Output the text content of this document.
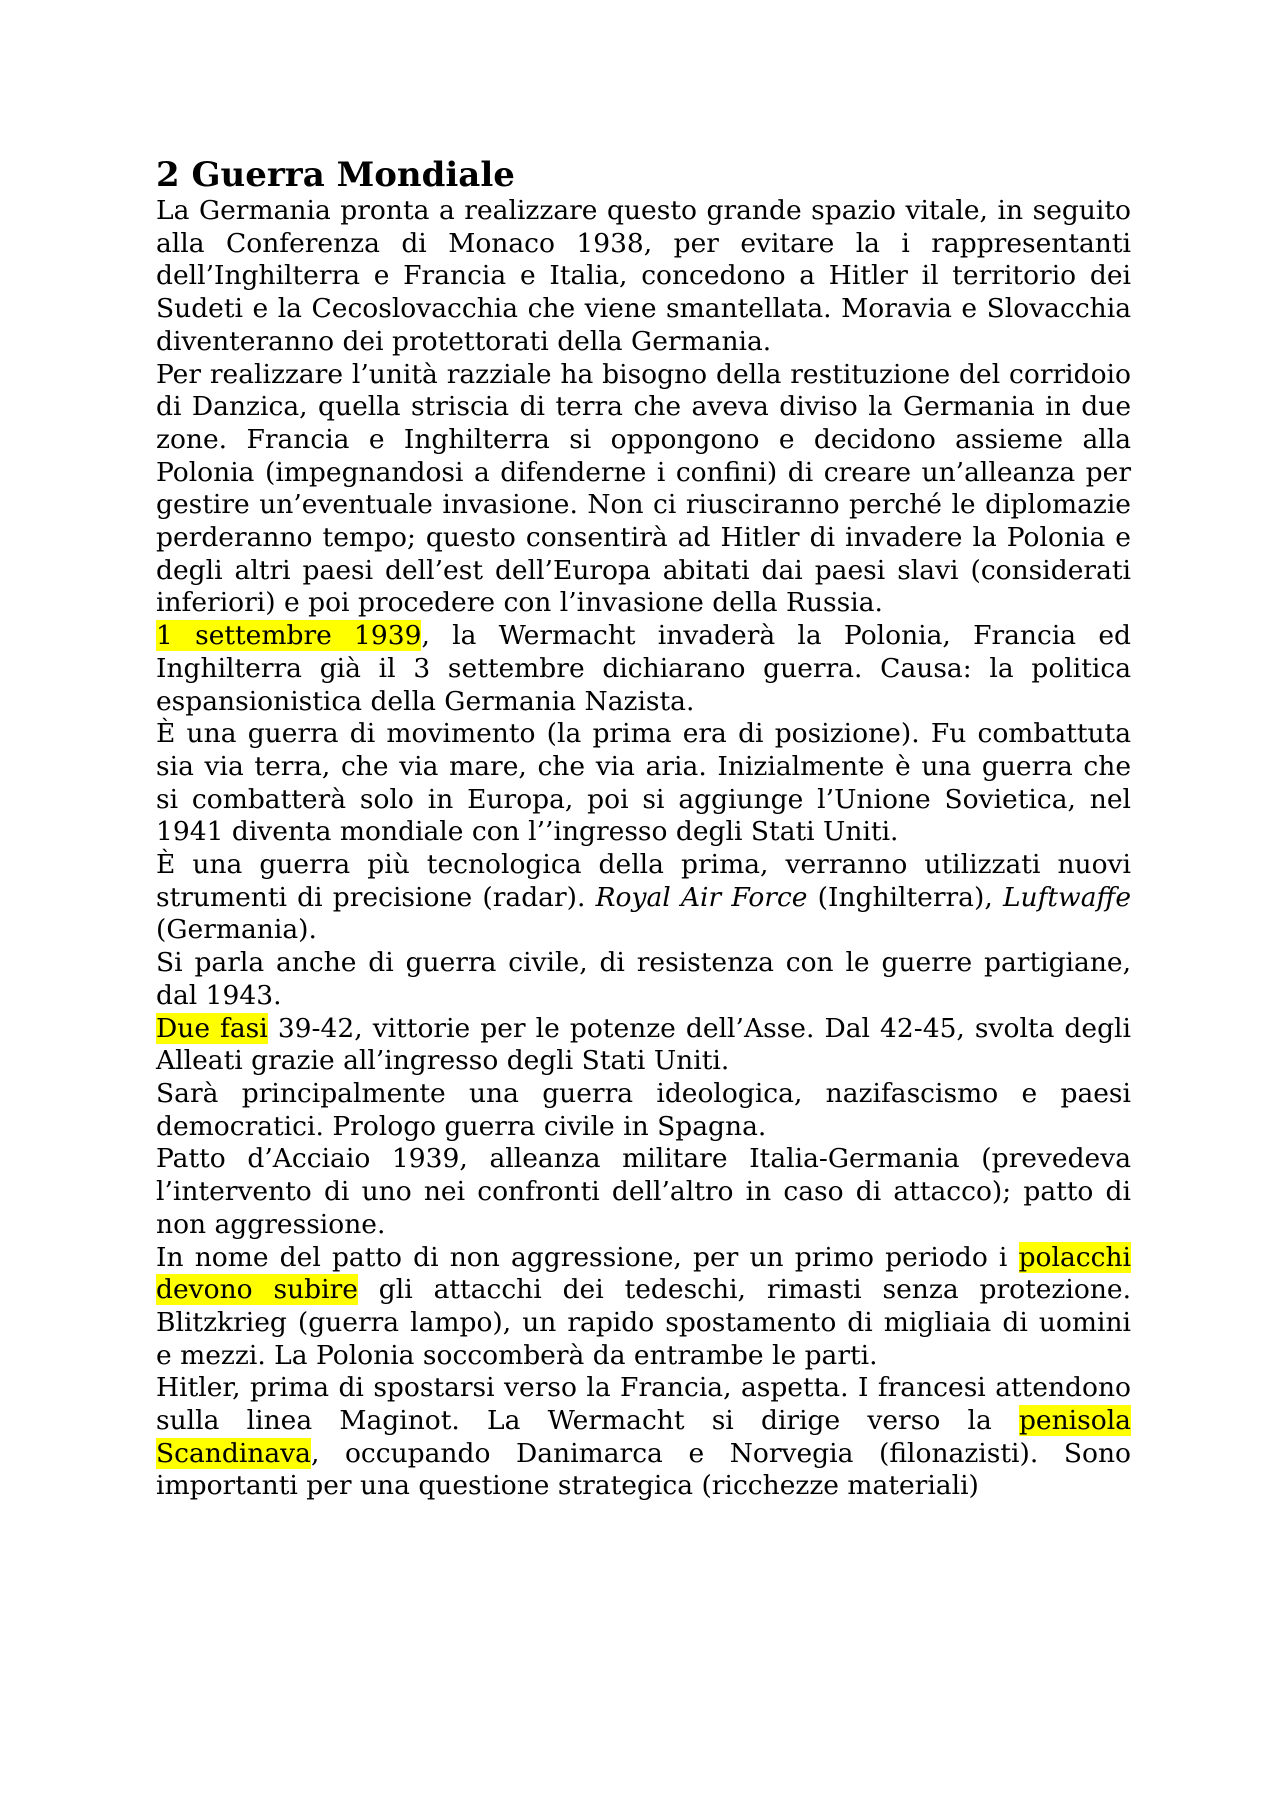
2 Guerra Mondiale

La Germania pronta a realizzare questo grande spazio vitale, in seguito alla Conferenza di Monaco 1938, per evitare la i rappresentanti dell’Inghilterra e Francia e Italia, concedono a Hitler il territorio dei Sudeti e la Cecoslovacchia che viene smantellata. Moravia e Slovacchia diventeranno dei protettorati della Germania.

Per realizzare l’unità razziale ha bisogno della restituzione del corridoio di Danzica, quella striscia di terra che aveva diviso la Germania in due zone. Francia e Inghilterra si oppongono e decidono assieme alla Polonia (impegnandosi a difenderne i confini) di creare un’alleanza per gestire un’eventuale invasione. Non ci riusciranno perché le diplomazie perderanno tempo; questo consentirà ad Hitler di invadere la Polonia e degli altri paesi dell’est dell’Europa abitati dai paesi slavi (considerati inferiori) e poi procedere con l’invasione della Russia.

1 settembre 1939, la Wermacht invaderà la Polonia, Francia ed Inghilterra già il 3 settembre dichiarano guerra. Causa: la politica espansionistica della Germania Nazista.

È una guerra di movimento (la prima era di posizione). Fu combattuta sia via terra, che via mare, che via aria. Inizialmente è una guerra che si combatterà solo in Europa, poi si aggiunge l’Unione Sovietica, nel 1941 diventa mondiale con l’’ingresso degli Stati Uniti.

È una guerra più tecnologica della prima, verranno utilizzati nuovi strumenti di precisione (radar). Royal Air Force (Inghilterra), Luftwaffe (Germania).

Si parla anche di guerra civile, di resistenza con le guerre partigiane, dal 1943.

Due fasi 39-42, vittorie per le potenze dell’Asse. Dal 42-45, svolta degli Alleati grazie all’ingresso degli Stati Uniti.

Sarà principalmente una guerra ideologica, nazifascismo e paesi democratici. Prologo guerra civile in Spagna.

Patto d’Acciaio 1939, alleanza militare Italia-Germania (prevedeva l’intervento di uno nei confronti dell’altro in caso di attacco); patto di non aggressione.

In nome del patto di non aggressione, per un primo periodo i polacchi devono subire gli attacchi dei tedeschi, rimasti senza protezione. Blitzkrieg (guerra lampo), un rapido spostamento di migliaia di uomini e mezzi. La Polonia soccomberà da entrambe le parti.

Hitler, prima di spostarsi verso la Francia, aspetta. I francesi attendono sulla linea Maginot. La Wermacht si dirige verso la penisola Scandinava, occupando Danimarca e Norvegia (filonazisti). Sono importanti per una questione strategica (ricchezze materiali)
